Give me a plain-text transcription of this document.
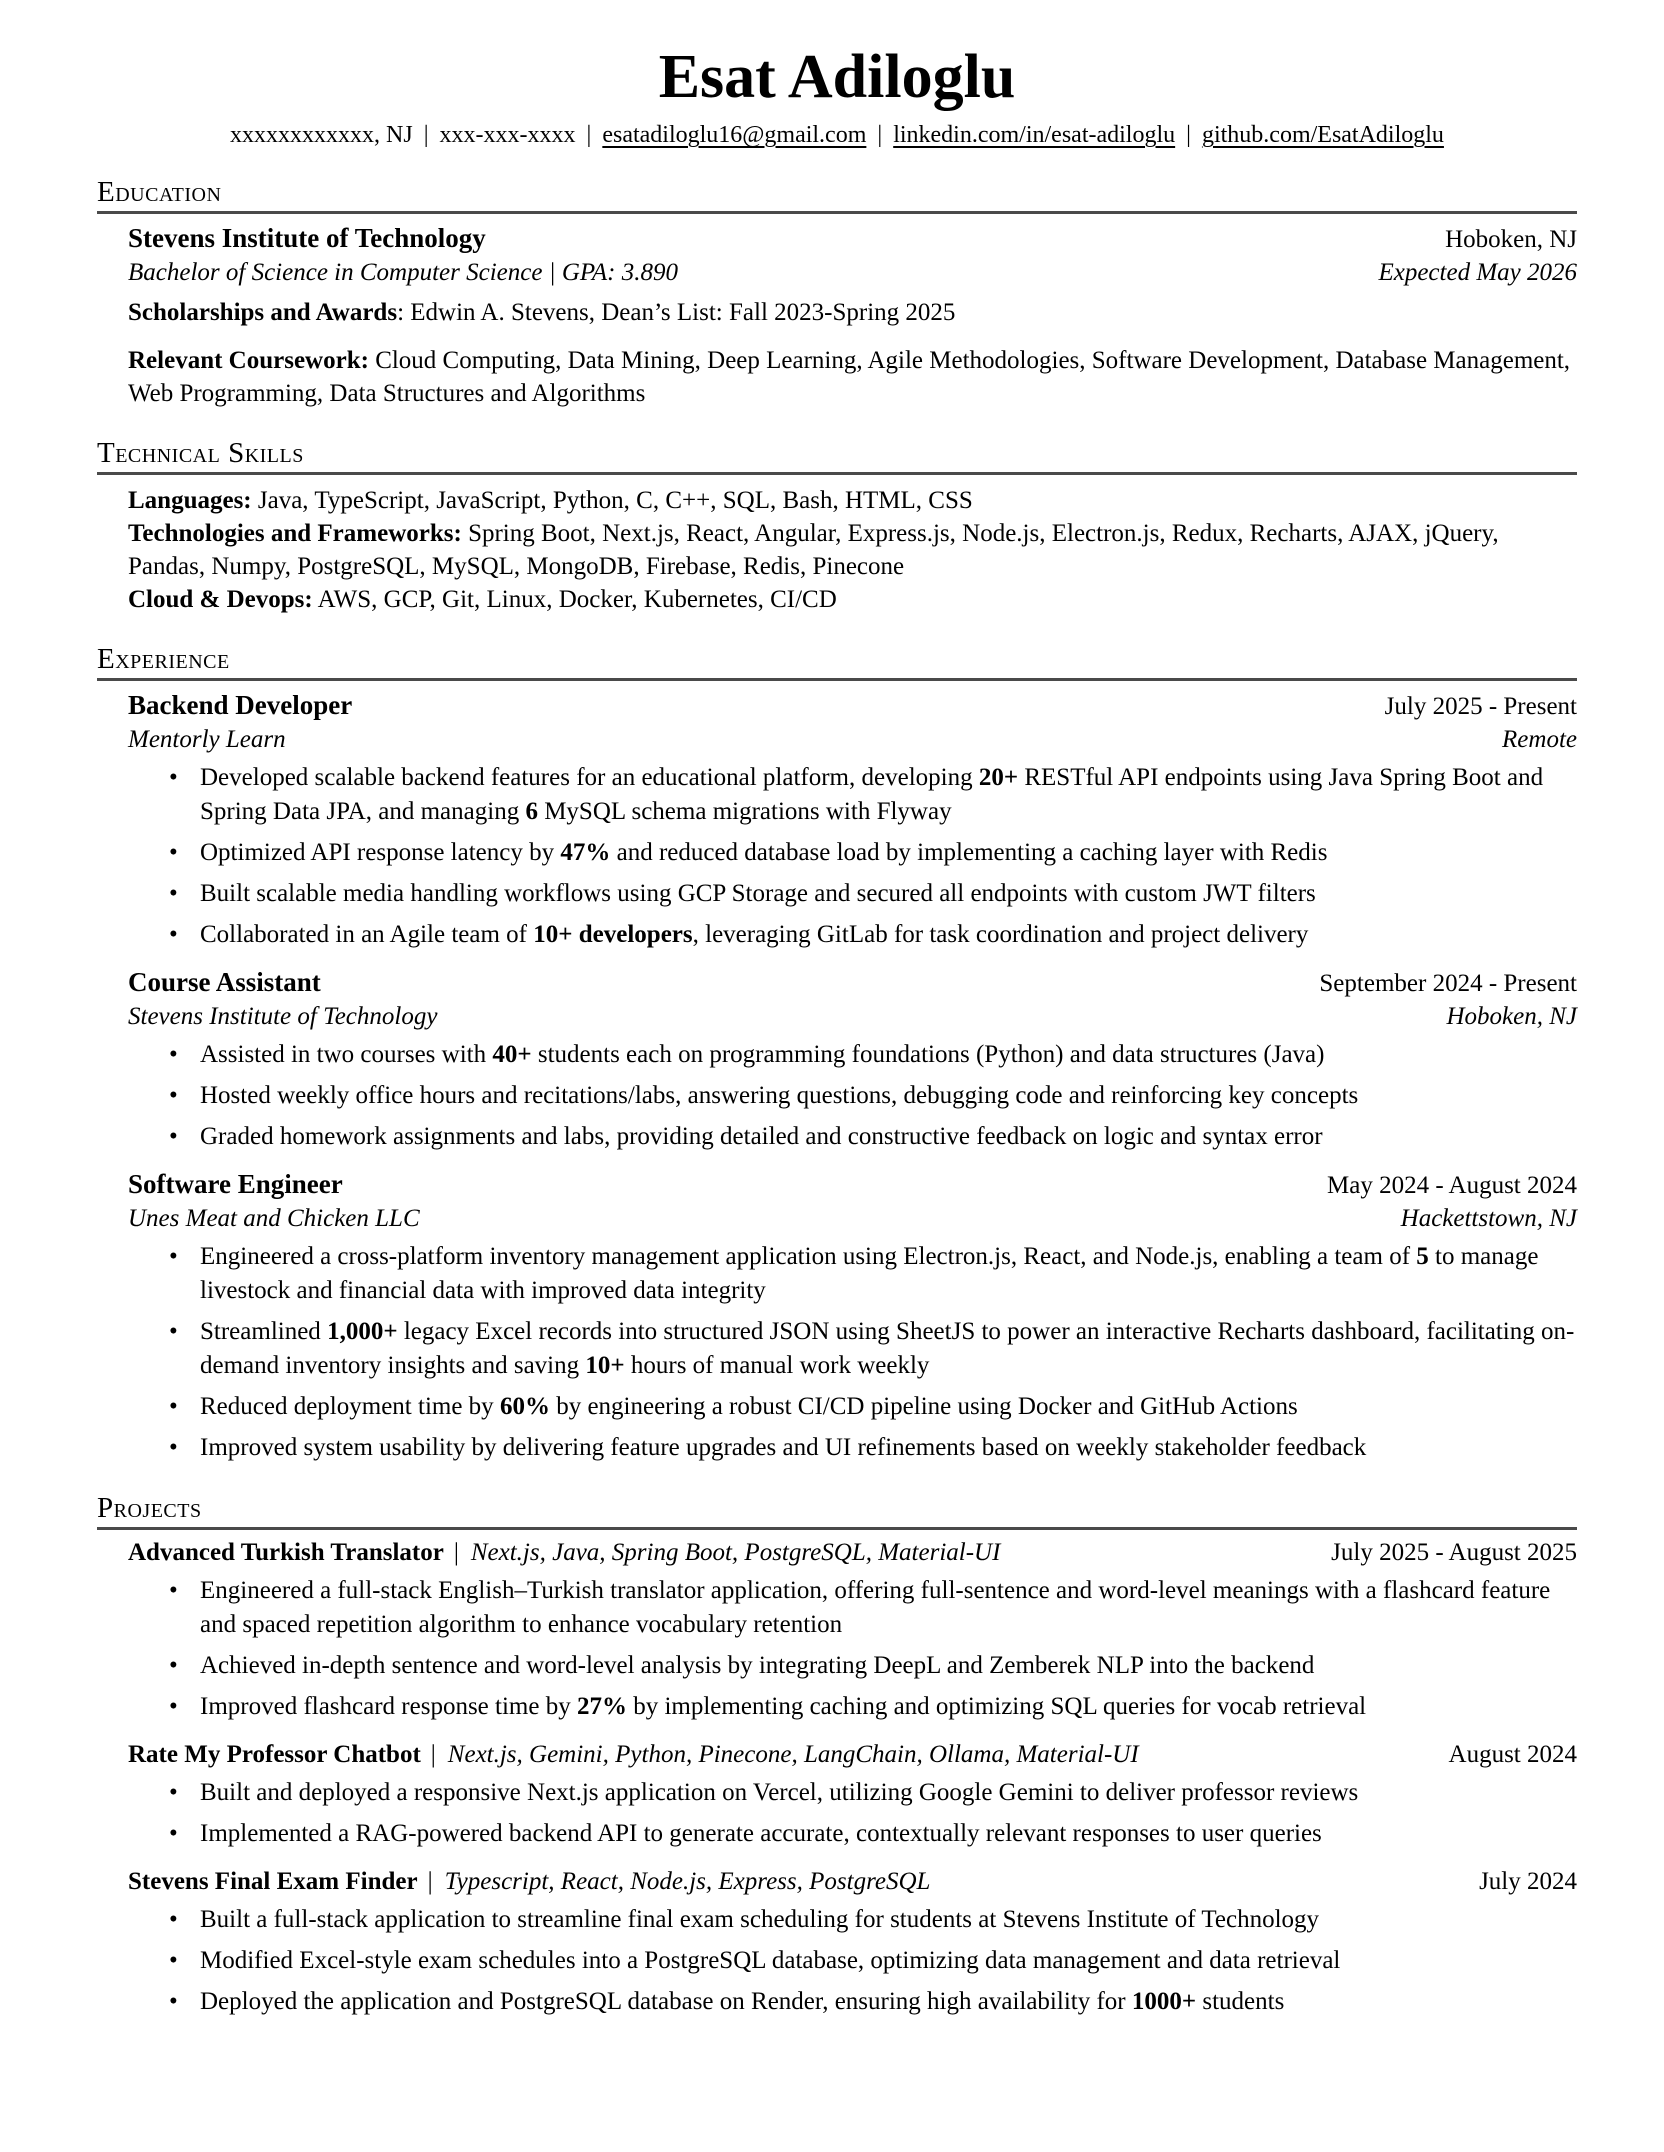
Esat Adiloglu
xxxxxxxxxxxx, NJ | xxx-xxx-xxxx | esatadiloglu16@gmail.com | linkedin.com/in/esat-adiloglu | github.com/EsatAdiloglu
Education
Stevens Institute of Technology	Hoboken, NJ
Bachelor of Science in Computer Science | GPA: 3.890	Expected May 2026

Scholarships and Awards: Edwin A. Stevens, Dean’s List: Fall 2023-Spring 2025

Relevant Coursework: Cloud Computing, Data Mining, Deep Learning, Agile Methodologies, Software Development, Database Management, Web Programming, Data Structures and Algorithms

Technical Skills

Languages: Java, TypeScript, JavaScript, Python, C, C++, SQL, Bash, HTML, CSS

Technologies and Frameworks: Spring Boot, Next.js, React, Angular, Express.js, Node.js, Electron.js, Redux, Recharts, AJAX, jQuery, Pandas, Numpy, PostgreSQL, MySQL, MongoDB, Firebase, Redis, Pinecone

Cloud & Devops: AWS, GCP, Git, Linux, Docker, Kubernetes, CI/CD

Experience
Backend Developer	July 2025 - Present
Mentorly Learn	Remote
• Developed scalable backend features for an educational platform, developing 20+ RESTful API endpoints using Java Spring Boot and Spring Data JPA, and managing 6 MySQL schema migrations with Flyway
• Optimized API response latency by 47% and reduced database load by implementing a caching layer with Redis
• Built scalable media handling workflows using GCP Storage and secured all endpoints with custom JWT filters
• Collaborated in an Agile team of 10+ developers, leveraging GitLab for task coordination and project delivery
Course Assistant	September 2024 - Present
Stevens Institute of Technology	Hoboken, NJ
• Assisted in two courses with 40+ students each on programming foundations (Python) and data structures (Java)
• Hosted weekly office hours and recitations/labs, answering questions, debugging code and reinforcing key concepts
• Graded homework assignments and labs, providing detailed and constructive feedback on logic and syntax error
Software Engineer	May 2024 - August 2024
Unes Meat and Chicken LLC	Hackettstown, NJ
• Engineered a cross-platform inventory management application using Electron.js, React, and Node.js, enabling a team of 5 to manage livestock and financial data with improved data integrity
• Streamlined 1,000+ legacy Excel records into structured JSON using SheetJS to power an interactive Recharts dashboard, facilitating on-demand inventory insights and saving 10+ hours of manual work weekly
• Reduced deployment time by 60% by engineering a robust CI/CD pipeline using Docker and GitHub Actions
• Improved system usability by delivering feature upgrades and UI refinements based on weekly stakeholder feedback
Projects
Advanced Turkish Translator | Next.js, Java, Spring Boot, PostgreSQL, Material-UI	July 2025 - August 2025
• Engineered a full-stack English–Turkish translator application, offering full-sentence and word-level meanings with a flashcard feature and spaced repetition algorithm to enhance vocabulary retention
• Achieved in-depth sentence and word-level analysis by integrating DeepL and Zemberek NLP into the backend
• Improved flashcard response time by 27% by implementing caching and optimizing SQL queries for vocab retrieval
Rate My Professor Chatbot | Next.js, Gemini, Python, Pinecone, LangChain, Ollama, Material-UI	August 2024
• Built and deployed a responsive Next.js application on Vercel, utilizing Google Gemini to deliver professor reviews
• Implemented a RAG-powered backend API to generate accurate, contextually relevant responses to user queries
Stevens Final Exam Finder | Typescript, React, Node.js, Express, PostgreSQL	July 2024
• Built a full-stack application to streamline final exam scheduling for students at Stevens Institute of Technology
• Modified Excel-style exam schedules into a PostgreSQL database, optimizing data management and data retrieval
• Deployed the application and PostgreSQL database on Render, ensuring high availability for 1000+ students
